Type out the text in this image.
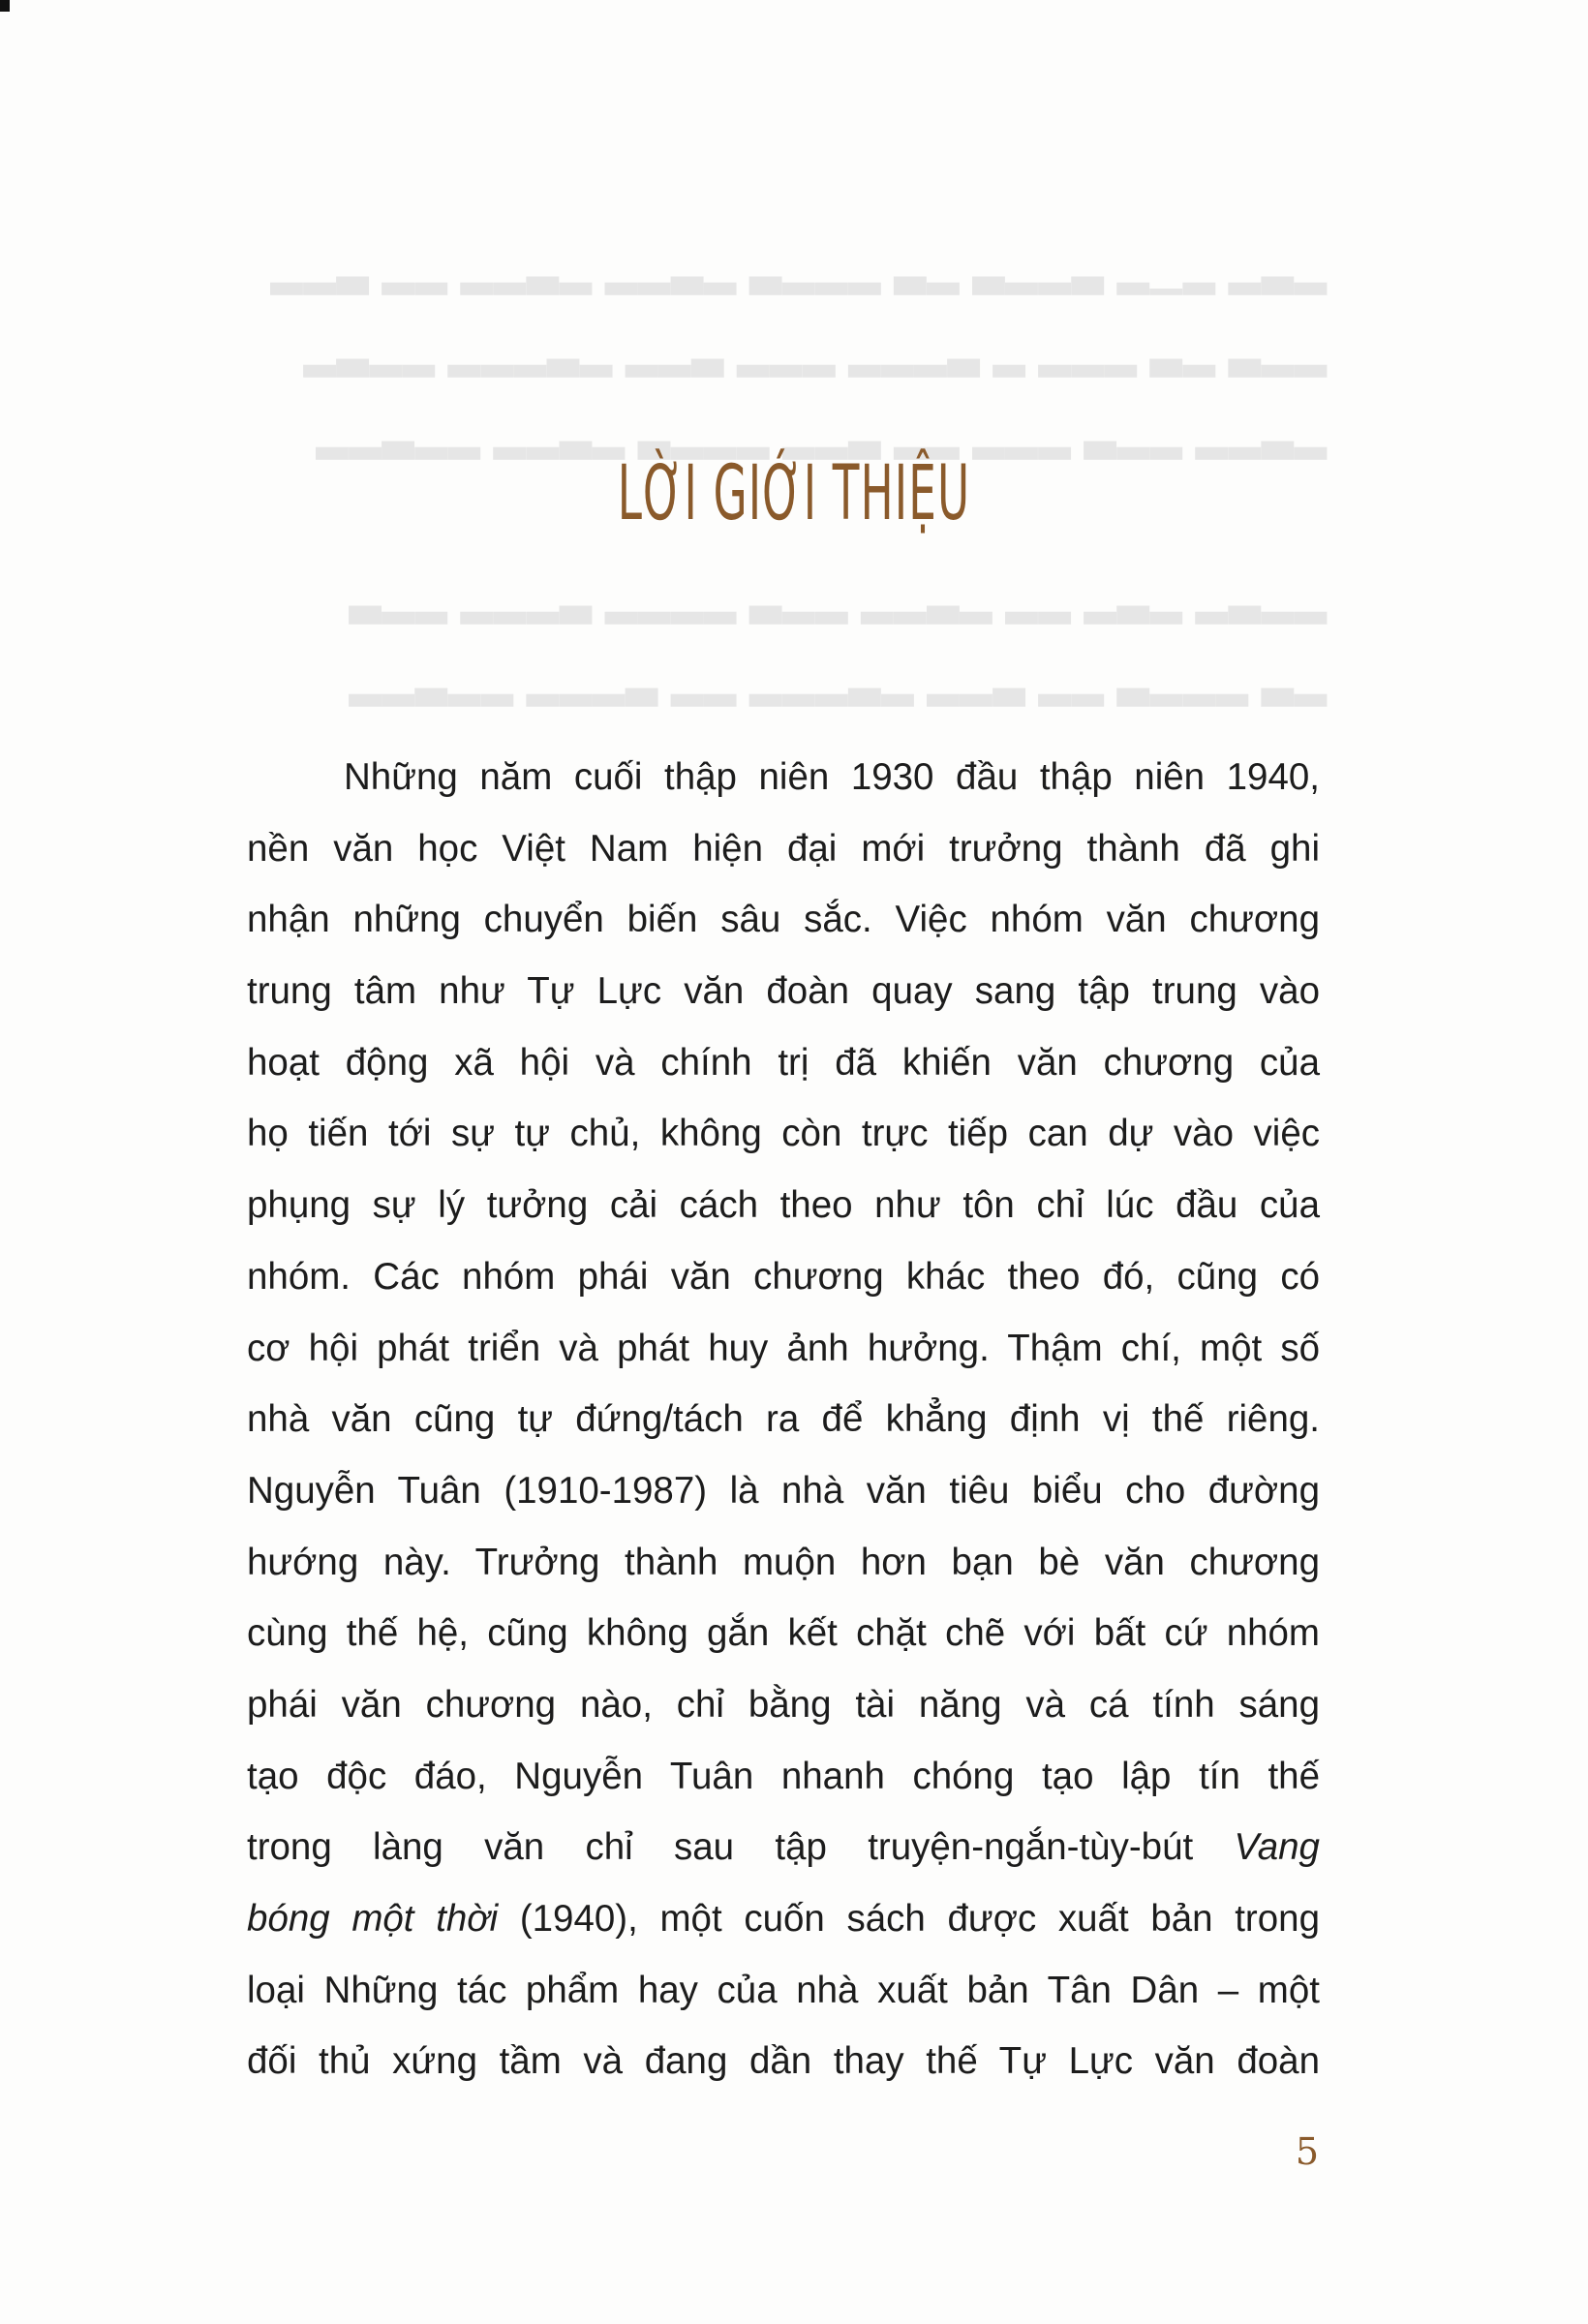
▂▃▂ ▂▁▂ ▃▂▂▃ ▂▃ ▂▂▂▃ ▂▃▂▂ ▂▃▂▂ ▂▂ ▃▂▂
▂▂▃ ▂▃ ▂▂▂ ▂ ▃▂▂▂ ▂▂▂ ▃▂▂ ▂▃▂▂▂ ▂▂▃▂
▂▃▂▂ ▂▂▃ ▂▂▂ ▂▂ ▃▂▂ ▂▂▂▃ ▂▃▂▂ ▂▂▃▂▂
▂▂▃▂ ▂▃▂ ▂▂ ▂▃▂▂ ▂▂▃ ▂▂▂▂ ▃▂▂▂ ▂▂▃
▂▃ ▂▂▂▃ ▂▂ ▃▂▂ ▂▃▂▂▂ ▂▂ ▃▂▂▂ ▂▂▃▂▂
LỜI GIỚI THIỆU
Những năm cuối thập niên 1930 đầu thập niên 1940,
nền văn học Việt Nam hiện đại mới trưởng thành đã ghi
nhận những chuyển biến sâu sắc. Việc nhóm văn chương
trung tâm như Tự Lực văn đoàn quay sang tập trung vào
hoạt động xã hội và chính trị đã khiến văn chương của
họ tiến tới sự tự chủ, không còn trực tiếp can dự vào việc
phụng sự lý tưởng cải cách theo như tôn chỉ lúc đầu của
nhóm. Các nhóm phái văn chương khác theo đó, cũng có
cơ hội phát triển và phát huy ảnh hưởng. Thậm chí, một số
nhà văn cũng tự đứng/tách ra để khẳng định vị thế riêng.
Nguyễn Tuân (1910-1987) là nhà văn tiêu biểu cho đường
hướng này. Trưởng thành muộn hơn bạn bè văn chương
cùng thế hệ, cũng không gắn kết chặt chẽ với bất cứ nhóm
phái văn chương nào, chỉ bằng tài năng và cá tính sáng
tạo độc đáo, Nguyễn Tuân nhanh chóng tạo lập tín thế
trong làng văn chỉ sau tập truyện-ngắn-tùy-bút Vang
bóng một thời (1940), một cuốn sách được xuất bản trong
loại Những tác phẩm hay của nhà xuất bản Tân Dân – một
đối thủ xứng tầm và đang dần thay thế Tự Lực văn đoàn
5
